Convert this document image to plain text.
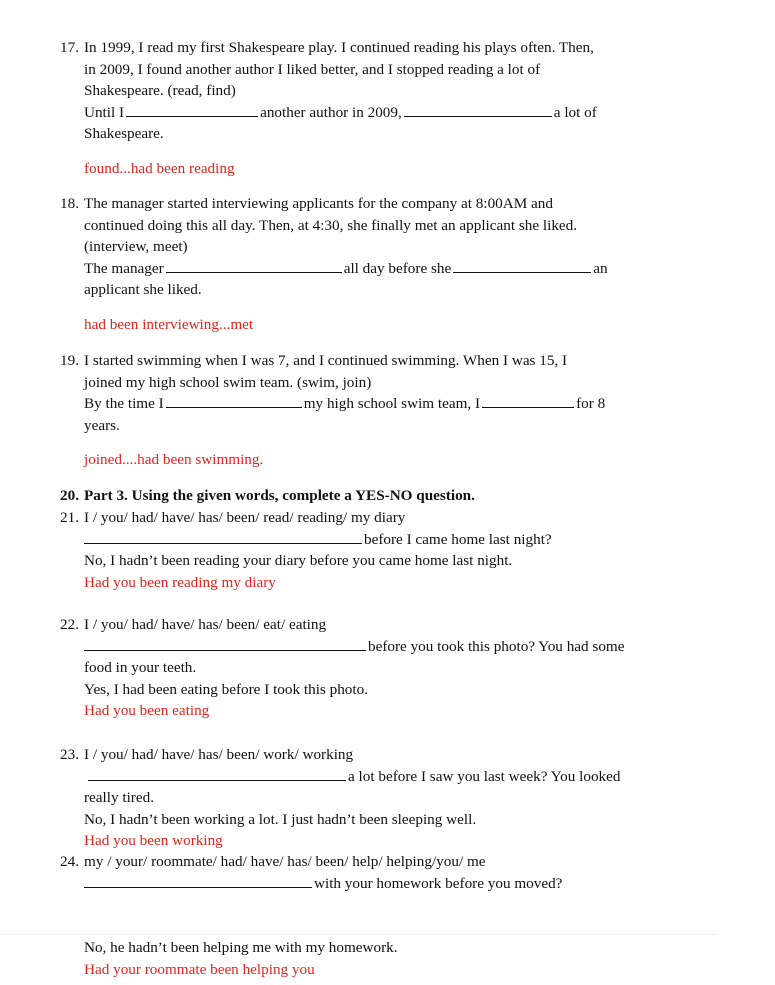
17. In 1999, I read my first Shakespeare play. I continued reading his plays often. Then,
in 2009, I found another author I liked better, and I stopped reading a lot of
Shakespeare. (read, find)
Until I	another author in 2009,	a lot of
Shakespeare.
found...had been reading
18. The manager started interviewing applicants for the company at 8:00AM and
continued doing this all day. Then, at 4:30, she finally met an applicant she liked.
(interview, meet)
The manager	all day before she	an
applicant she liked.
had been interviewing...met
19. I started swimming when I was 7, and I continued swimming. When I was 15, I
joined my high school swim team. (swim, join)
By the time I	my high school swim team, I	for 8
years.
joined....had been swimming.
20. Part 3. Using the given words, complete a YES-NO question.
21. I / you/ had/ have/ has/ been/ read/ reading/ my diary
before I came home last night?
No, I hadn’t been reading your diary before you came home last night.
Had you been reading my diary
22. I / you/ had/ have/ has/ been/ eat/ eating
before you took this photo? You had some
food in your teeth.
Yes, I had been eating before I took this photo.
Had you been eating
23. I / you/ had/ have/ has/ been/ work/ working
a lot before I saw you last week? You looked
really tired.
No, I hadn’t been working a lot. I just hadn’t been sleeping well.
Had you been working
24. my / your/ roommate/ had/ have/ has/ been/ help/ helping/you/ me
with your homework before you moved?
No, he hadn’t been helping me with my homework.
Had your roommate been helping you
